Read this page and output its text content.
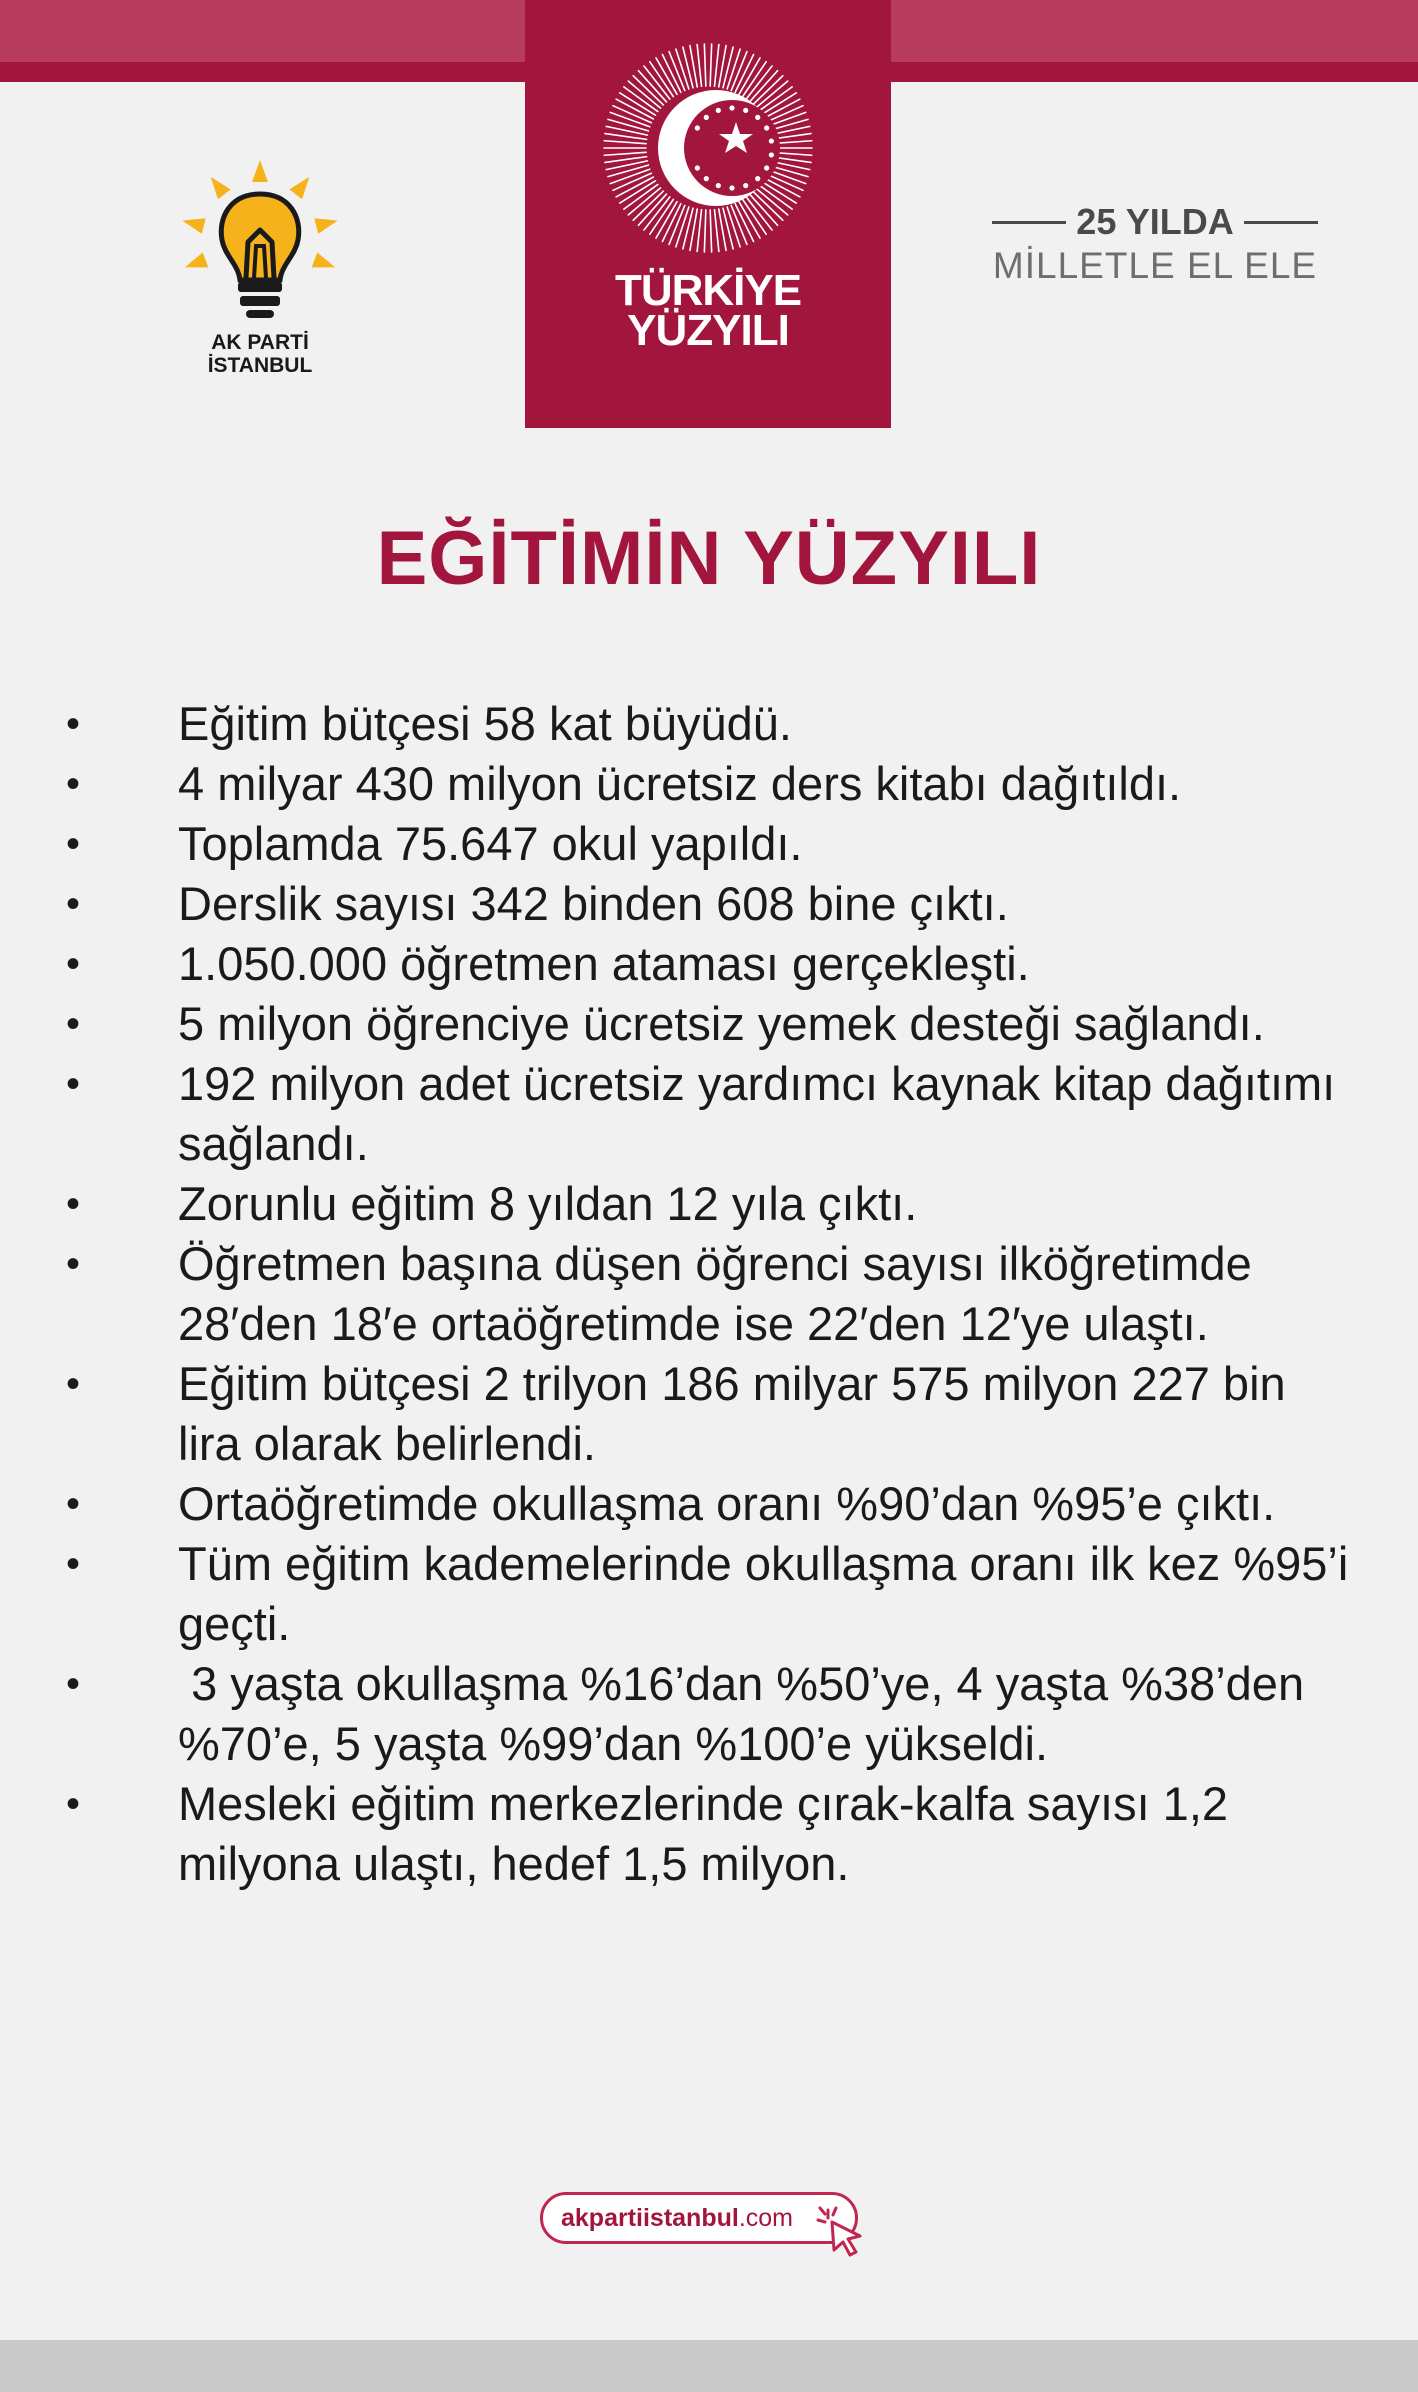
TÜRKİYE
YÜZYILI
AK PARTİ
İSTANBUL
25 YILDA
MİLLETLE EL ELE
EĞİTİMİN YÜZYILI
• Eğitim bütçesi 58 kat büyüdü.
• 4 milyar 430 milyon ücretsiz ders kitabı dağıtıldı.
• Toplamda 75.647 okul yapıldı.
• Derslik sayısı 342 binden 608 bine çıktı.
• 1.050.000 öğretmen ataması gerçekleşti.
• 5 milyon öğrenciye ücretsiz yemek desteği sağlandı.
• 192 milyon adet ücretsiz yardımcı kaynak kitap dağıtımı sağlandı.
• Zorunlu eğitim 8 yıldan 12 yıla çıktı.
• Öğretmen başına düşen öğrenci sayısı ilköğretimde 28′den 18′e ortaöğretimde ise 22′den 12′ye ulaştı.
• Eğitim bütçesi 2 trilyon 186 milyar 575 milyon 227 bin lira olarak belirlendi.
• Ortaöğretimde okullaşma oranı %90’dan %95’e çıktı.
• Tüm eğitim kademelerinde okullaşma oranı ilk kez %95’i geçti.
• 3 yaşta okullaşma %16’dan %50’ye, 4 yaşta %38’den %70’e, 5 yaşta %99’dan %100’e yükseldi.
• Mesleki eğitim merkezlerinde çırak-kalfa sayısı 1,2 milyona ulaştı, hedef 1,5 milyon.
akpartiistanbul.com
